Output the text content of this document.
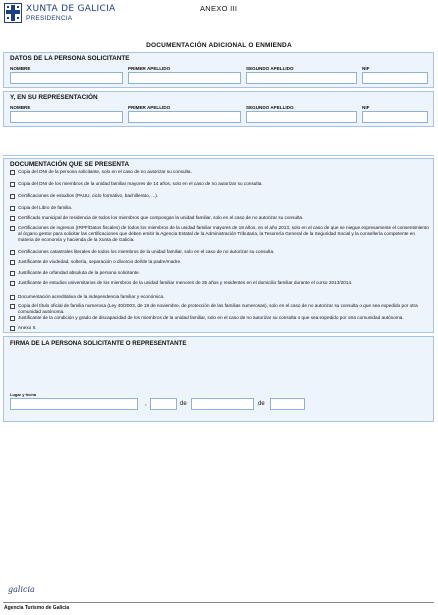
XUNTA DE GALICIA
PRESIDENCIA
ANEXO III
DOCUMENTACIÓN ADICIONAL O ENMIENDA
DATOS DE LA PERSONA SOLICITANTE
NOMBRE	PRIMER APELLIDO	SEGUNDO APELLIDO	NIF
Y, EN SU REPRESENTACIÓN
NOMBRE	PRIMER APELLIDO	SEGUNDO APELLIDO	NIF
DOCUMENTACIÓN QUE SE PRESENTA
Copia del DNI de la persona solicitante, solo en el caso de no autorizar su consulta.
Copia del DNI de los miembros de la unidad familiar mayores de 14 años, solo en el caso de no autorizar su consulta.
Certificaciones de estudios (PAUU, ciclo formativo, bachillerato, ...).
Copia del Libro de familia.
Certificado municipal de residencia de todos los miembros que compongan la unidad familiar, solo en el caso de no autorizar su consulta.
Certificaciones de ingresos (IRPF/Datos fiscales) de todos los miembros de la unidad familiar mayores de 18 años, en el año 2013, solo en el caso de que se niegue expresamente el consentimiento al órgano gestor para solicitar las certificaciones que deben emitir la Agencia Estatal de la Administración Tributaria, la Tesorería General de la Seguridad Social y la consellería competente en materia de economía y hacienda de la Xunta de Galicia.
Certificaciones catastrales literales de todos los miembros de la unidad familiar, solo en el caso de no autorizar su consulta.
Justificante de viudedad, soltería, separación o divorcio del/de la padre/madre.
Justificante de orfandad absoluta de la persona solicitante.
Justificante de estudios universitarios de los miembros de la unidad familiar menores de 25 años y residentes en el domicilio familiar durante el curso 2013/2014.
Documentación acreditativa de la independencia familiar y económica.
Copia del título oficial de familia numerosa (Ley 40/2003, de 18 de noviembre, de protección de las familias numerosas), solo en el caso de no autorizar su consulta o que sea expedido por otra comunidad autónoma.
Justificante de la condición y grado de discapacidad de los miembros de la unidad familiar, solo en el caso de no autorizar su consulta o que sea expedido por otra comunidad autónoma.
Anexo II.
FIRMA DE LA PERSONA SOLICITANTE O REPRESENTANTE
Lugar y fecha
,	de	de
galicia
Agencia Turismo de Galicia
